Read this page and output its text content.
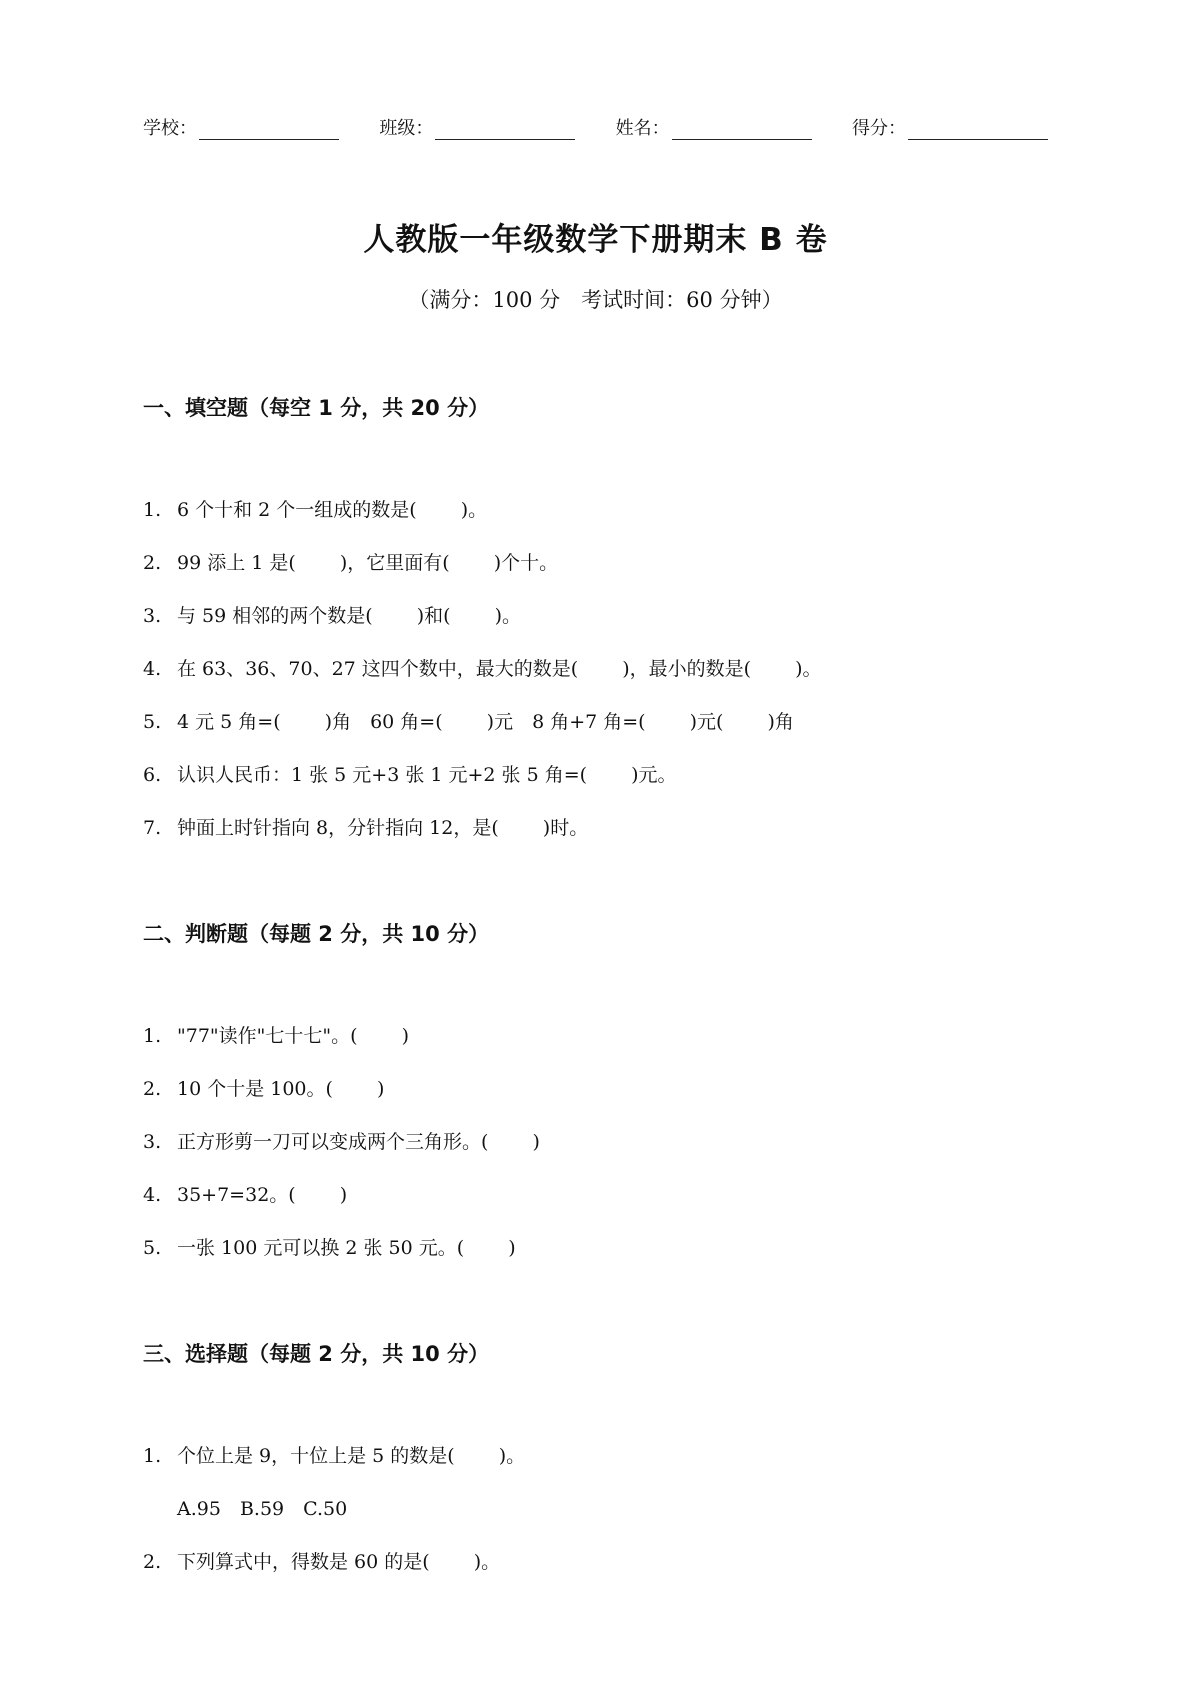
学校：	班级：	姓名：	得分：
人教版一年级数学下册期末 B 卷
（满分：100 分　考试时间：60 分钟）
一、填空题（每空 1 分，共 20 分）
1. 6 个十和 2 个一组成的数是(　　 )。
2. 99 添上 1 是(　　 )，它里面有(　　 )个十。
3. 与 59 相邻的两个数是(　　 )和(　　 )。
4. 在 63、36、70、27 这四个数中，最大的数是(　　 )，最小的数是(　　 )。
5. 4 元 5 角=(　　 )角　60 角=(　　 )元　8 角+7 角=(　　 )元(　　 )角
6. 认识人民币：1 张 5 元+3 张 1 元+2 张 5 角=(　　 )元。
7. 钟面上时针指向 8，分针指向 12，是(　　 )时。
二、判断题（每题 2 分，共 10 分）
1. "77"读作"七十七"。(　　 )
2. 10 个十是 100。(　　 )
3. 正方形剪一刀可以变成两个三角形。(　　 )
4. 35+7=32。(　　 )
5. 一张 100 元可以换 2 张 50 元。(　　 )
三、选择题（每题 2 分，共 10 分）
1. 个位上是 9，十位上是 5 的数是(　　 )。
A.95　B.59　C.50
2. 下列算式中，得数是 60 的是(　　 )。
